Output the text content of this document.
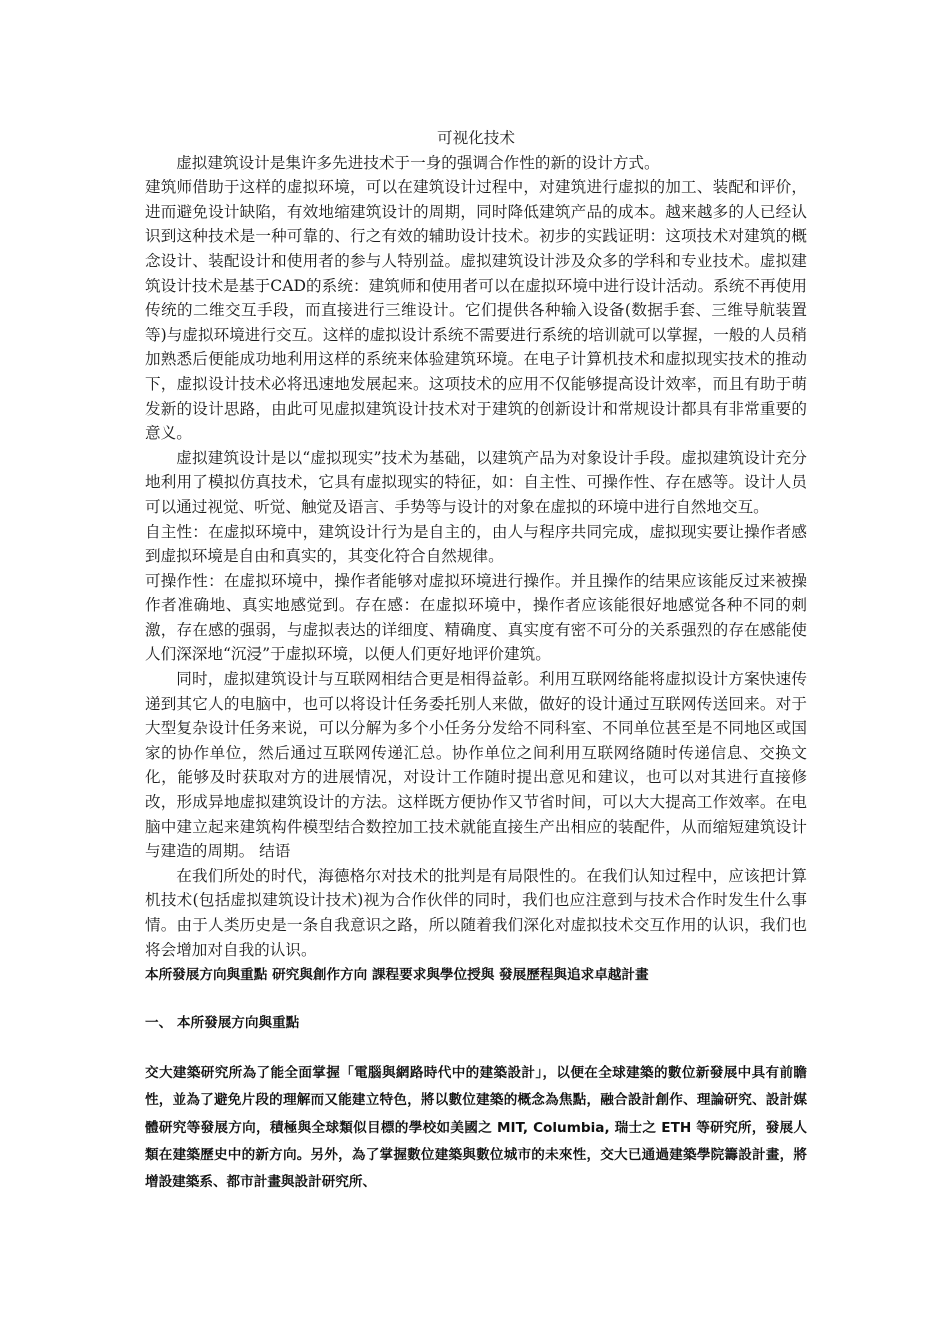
可视化技术

虚拟建筑设计是集许多先进技术于一身的强调合作性的新的设计方式。

建筑师借助于这样的虚拟环境，可以在建筑设计过程中，对建筑进行虚拟的加工、装配和评价，进而避免设计缺陷，有效地缩建筑设计的周期，同时降低建筑产品的成本。越来越多的人已经认识到这种技术是一种可靠的、行之有效的辅助设计技术。初步的实践证明：这项技术对建筑的概念设计、装配设计和使用者的参与人特别益。虚拟建筑设计涉及众多的学科和专业技术。虚拟建筑设计技术是基于CAD的系统：建筑师和使用者可以在虚拟环境中进行设计活动。系统不再使用传统的二维交互手段，而直接进行三维设计。它们提供各种输入设备(数据手套、三维导航装置等)与虚拟环境进行交互。这样的虚拟设计系统不需要进行系统的培训就可以掌握，一般的人员稍加熟悉后便能成功地利用这样的系统来体验建筑环境。在电子计算机技术和虚拟现实技术的推动下，虚拟设计技术必将迅速地发展起来。这项技术的应用不仅能够提高设计效率，而且有助于萌发新的设计思路，由此可见虚拟建筑设计技术对于建筑的创新设计和常规设计都具有非常重要的意义。

虚拟建筑设计是以“虚拟现实”技术为基础，以建筑产品为对象设计手段。虚拟建筑设计充分地利用了模拟仿真技术，它具有虚拟现实的特征，如：自主性、可操作性、存在感等。设计人员可以通过视觉、听觉、触觉及语言、手势等与设计的对象在虚拟的环境中进行自然地交互。

自主性：在虚拟环境中，建筑设计行为是自主的，由人与程序共同完成，虚拟现实要让操作者感到虚拟环境是自由和真实的，其变化符合自然规律。

可操作性：在虚拟环境中，操作者能够对虚拟环境进行操作。并且操作的结果应该能反过来被操作者准确地、真实地感觉到。存在感：在虚拟环境中，操作者应该能很好地感觉各种不同的刺激，存在感的强弱，与虚拟表达的详细度、精确度、真实度有密不可分的关系强烈的存在感能使人们深深地“沉浸”于虚拟环境，以便人们更好地评价建筑。

同时，虚拟建筑设计与互联网相结合更是相得益彰。利用互联网络能将虚拟设计方案快速传递到其它人的电脑中，也可以将设计任务委托别人来做，做好的设计通过互联网传送回来。对于大型复杂设计任务来说，可以分解为多个小任务分发给不同科室、不同单位甚至是不同地区或国家的协作单位，然后通过互联网传递汇总。协作单位之间利用互联网络随时传递信息、交换文化，能够及时获取对方的进展情况，对设计工作随时提出意见和建议，也可以对其进行直接修改，形成异地虚拟建筑设计的方法。这样既方便协作又节省时间，可以大大提高工作效率。在电脑中建立起来建筑构件模型结合数控加工技术就能直接生产出相应的装配件，从而缩短建筑设计与建造的周期。 结语

在我们所处的时代，海德格尔对技术的批判是有局限性的。在我们认知过程中，应该把计算机技术(包括虚拟建筑设计技术)视为合作伙伴的同时，我们也应注意到与技术合作时发生什么事情。由于人类历史是一条自我意识之路，所以随着我们深化对虚拟技术交互作用的认识，我们也将会增加对自我的认识。

本所發展方向與重點 研究與創作方向 課程要求與學位授與 發展歷程與追求卓越計畫

一、 本所發展方向與重點

交大建築研究所為了能全面掌握「電腦與網路時代中的建築設計」，以便在全球建築的數位新發展中具有前瞻性，並為了避免片段的理解而又能建立特色，將以數位建築的概念為焦點，融合設計創作、理論研究、設計媒體研究等發展方向，積極與全球類似目標的學校如美國之 MIT, Columbia, 瑞士之 ETH 等研究所，發展人類在建築歷史中的新方向。另外，為了掌握數位建築與數位城市的未來性，交大已通過建築學院籌設計畫，將增設建築系、都市計畫與設計研究所、
